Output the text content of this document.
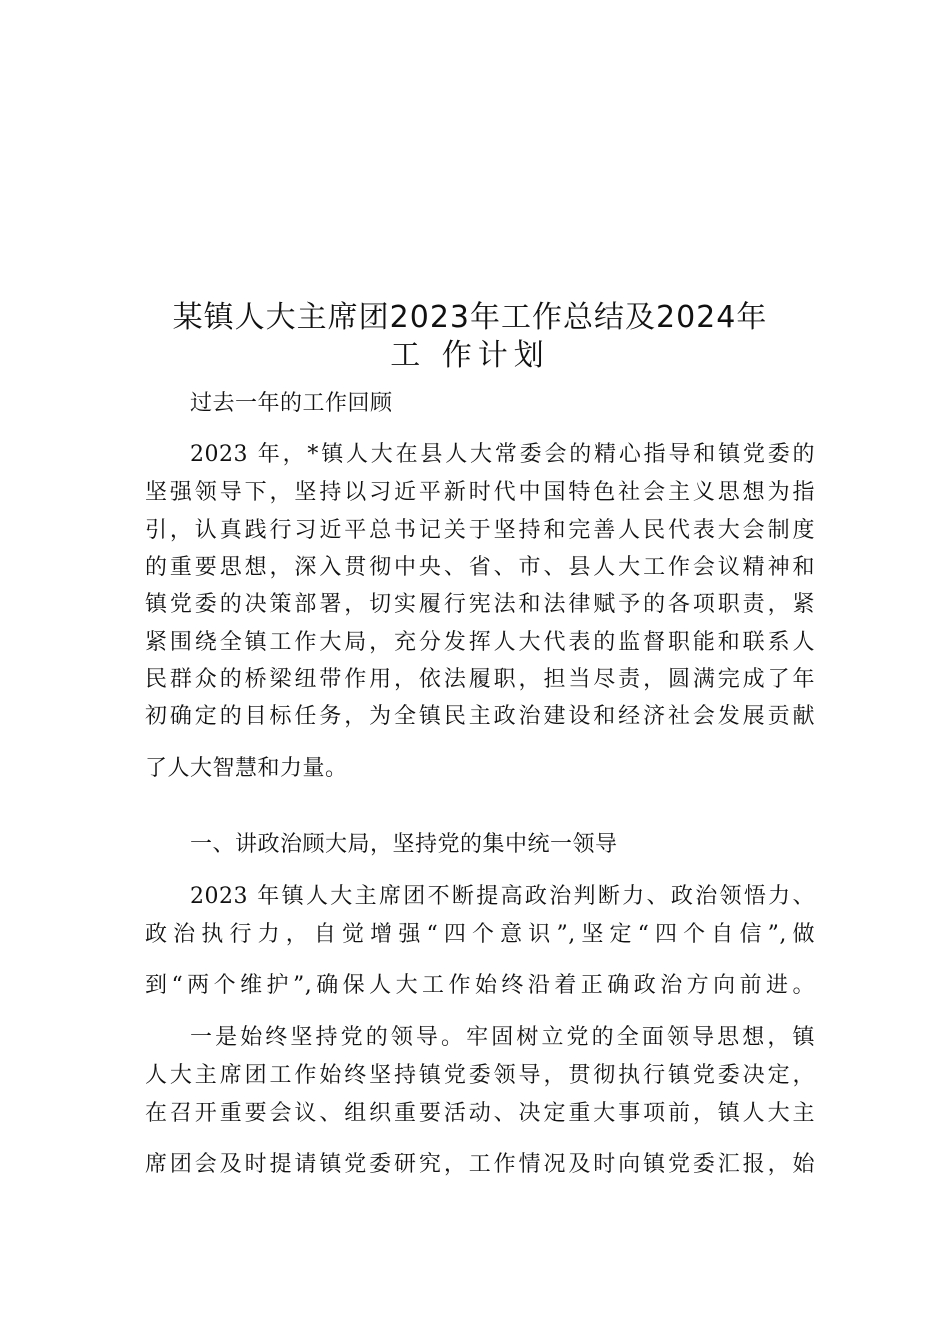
某镇人大主席团2023年工作总结及2024年
工 作计划
过去一年的工作回顾
2023 年，*镇人大在县人大常委会的精心指导和镇党委的
坚强领导下，坚持以习近平新时代中国特色社会主义思想为指
引，认真践行习近平总书记关于坚持和完善人民代表大会制度
的重要思想，深入贯彻中央、省、市、县人大工作会议精神和
镇党委的决策部署，切实履行宪法和法律赋予的各项职责，紧
紧围绕全镇工作大局，充分发挥人大代表的监督职能和联系人
民群众的桥梁纽带作用，依法履职，担当尽责，圆满完成了年
初确定的目标任务，为全镇民主政治建设和经济社会发展贡献
了人大智慧和力量。
一、讲政治顾大局，坚持党的集中统一领导
2023 年镇人大主席团不断提高政治判断力、政治领悟力、
政治执行力，自觉增强“四个意识”,坚定“四个自信”,做
到“两个维护”,确保人大工作始终沿着正确政治方向前进。
一是始终坚持党的领导。牢固树立党的全面领导思想，镇
人大主席团工作始终坚持镇党委领导，贯彻执行镇党委决定，
在召开重要会议、组织重要活动、决定重大事项前，镇人大主
席团会及时提请镇党委研究，工作情况及时向镇党委汇报，始
